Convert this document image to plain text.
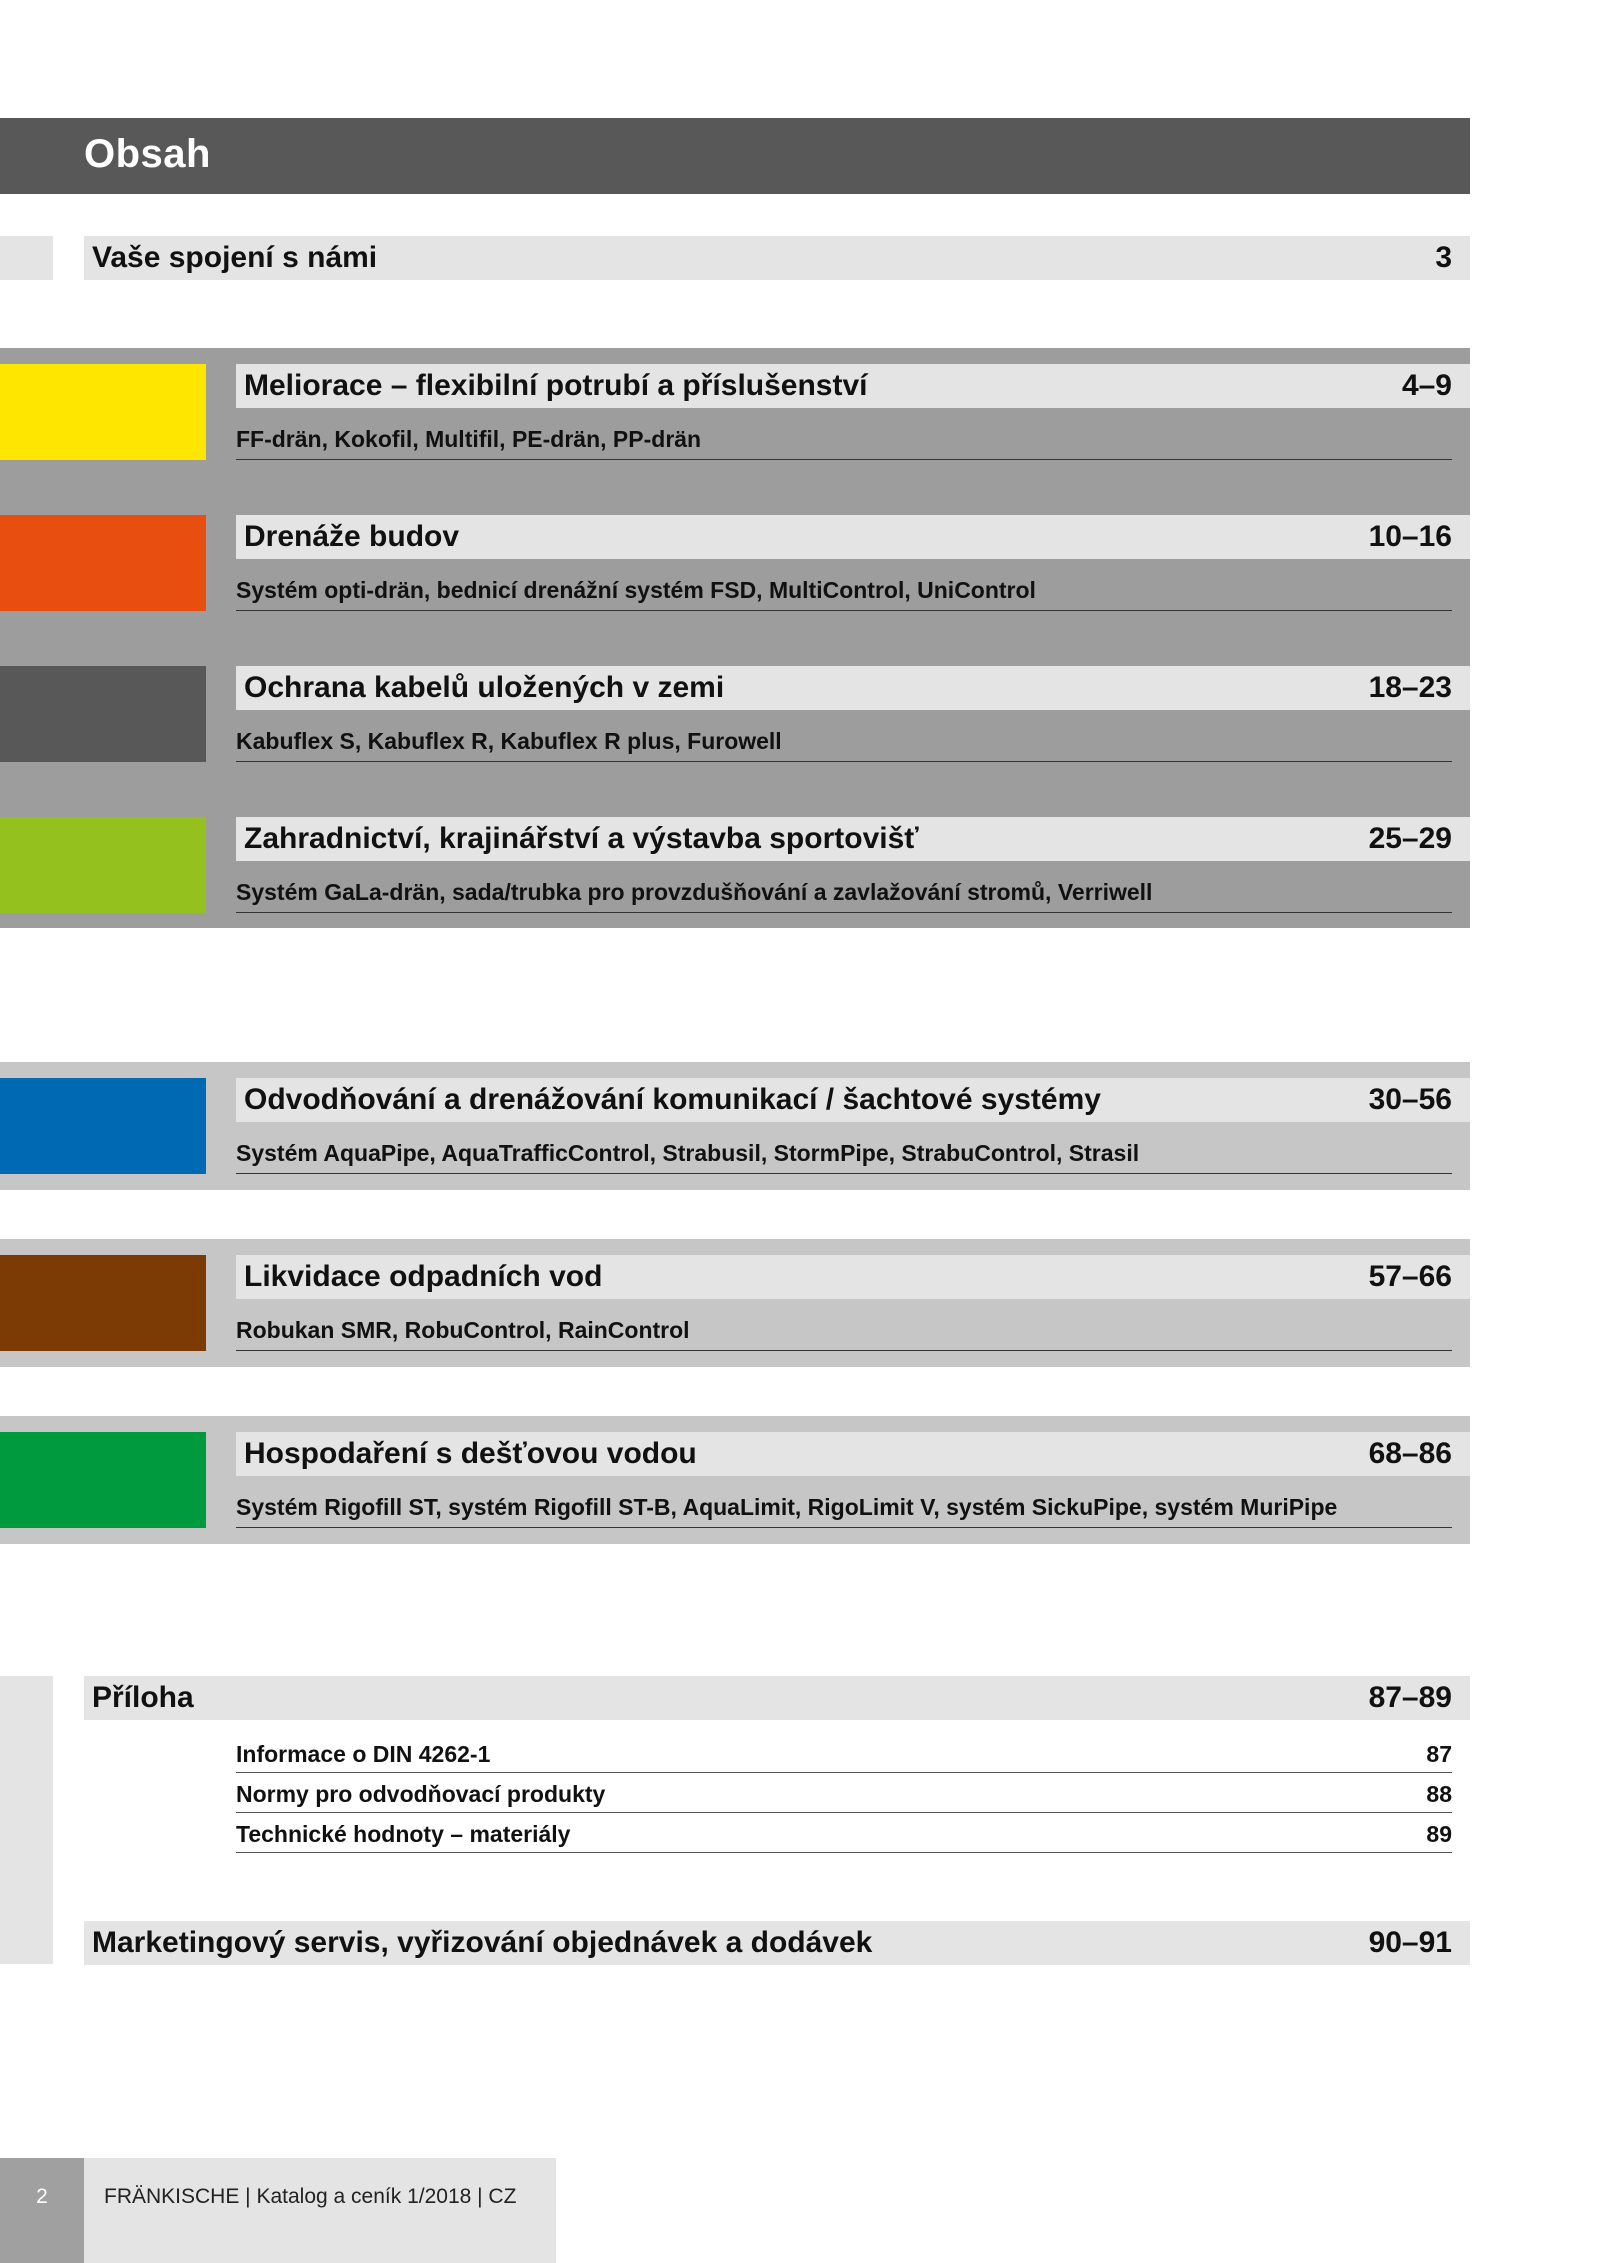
Obsah
Vaše spojení s námi	3
Meliorace – flexibilní potrubí a příslušenství	4–9
FF-drän, Kokofil, Multifil, PE-drän, PP-drän
Drenáže budov	10–16
Systém opti-drän, bednicí drenážní systém FSD, MultiControl, UniControl
Ochrana kabelů uložených v zemi	18–23
Kabuflex S, Kabuflex R, Kabuflex R plus, Furowell
Zahradnictví, krajinářství a výstavba sportovišť	25–29
Systém GaLa-drän, sada/trubka pro provzdušňování a zavlažování stromů, Verriwell
Odvodňování a drenážování komunikací / šachtové systémy	30–56
Systém AquaPipe, AquaTrafficControl, Strabusil, StormPipe, StrabuControl, Strasil
Likvidace odpadních vod	57–66
Robukan SMR, RobuControl, RainControl
Hospodaření s dešťovou vodou	68–86
Systém Rigofill ST, systém Rigofill ST-B, AquaLimit, RigoLimit V, systém SickuPipe, systém MuriPipe
Příloha	87–89
Informace o DIN 4262-1	87
Normy pro odvodňovací produkty	88
Technické hodnoty – materiály	89
Marketingový servis, vyřizování objednávek a dodávek	90–91
2	FRÄNKISCHE | Katalog a ceník 1/2018 | CZ
